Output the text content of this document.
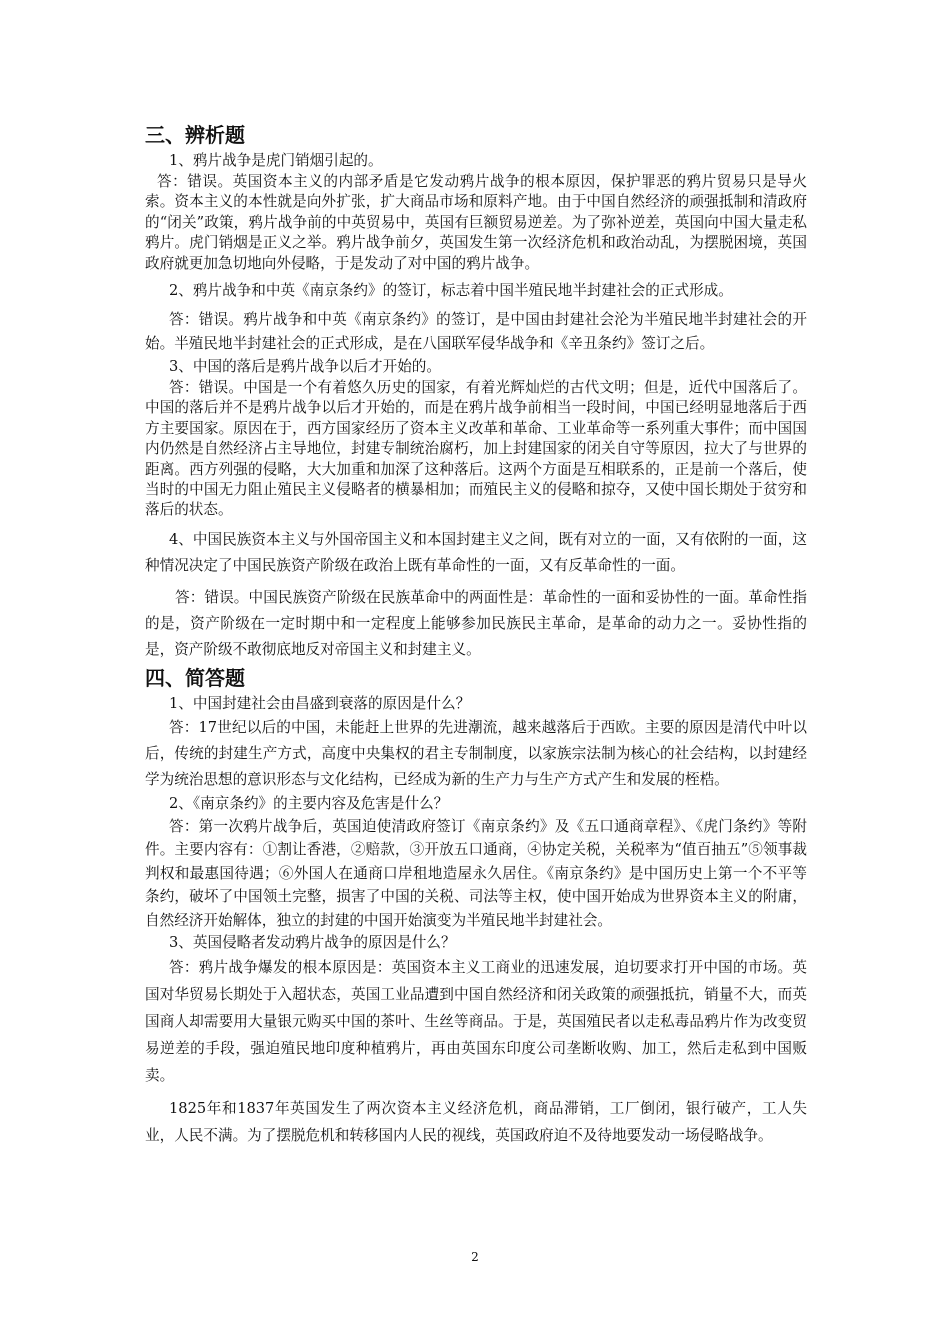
三、辨析题

1、鸦片战争是虎门销烟引起的。

答：错误。英国资本主义的内部矛盾是它发动鸦片战争的根本原因，保护罪恶的鸦片贸易只是导火索。资本主义的本性就是向外扩张，扩大商品市场和原料产地。由于中国自然经济的顽强抵制和清政府的“闭关”政策，鸦片战争前的中英贸易中，英国有巨额贸易逆差。为了弥补逆差，英国向中国大量走私鸦片。虎门销烟是正义之举。鸦片战争前夕，英国发生第一次经济危机和政治动乱，为摆脱困境，英国政府就更加急切地向外侵略，于是发动了对中国的鸦片战争。

2、鸦片战争和中英《南京条约》的签订，标志着中国半殖民地半封建社会的正式形成。

答：错误。鸦片战争和中英《南京条约》的签订，是中国由封建社会沦为半殖民地半封建社会的开始。半殖民地半封建社会的正式形成，是在八国联军侵华战争和《辛丑条约》签订之后。

3、中国的落后是鸦片战争以后才开始的。

答：错误。中国是一个有着悠久历史的国家，有着光辉灿烂的古代文明；但是，近代中国落后了。中国的落后并不是鸦片战争以后才开始的，而是在鸦片战争前相当一段时间，中国已经明显地落后于西方主要国家。原因在于，西方国家经历了资本主义改革和革命、工业革命等一系列重大事件；而中国国内仍然是自然经济占主导地位，封建专制统治腐朽，加上封建国家的闭关自守等原因，拉大了与世界的距离。西方列强的侵略，大大加重和加深了这种落后。这两个方面是互相联系的，正是前一个落后，使当时的中国无力阻止殖民主义侵略者的横暴相加；而殖民主义的侵略和掠夺，又使中国长期处于贫穷和落后的状态。

4、中国民族资本主义与外国帝国主义和本国封建主义之间，既有对立的一面，又有依附的一面，这种情况决定了中国民族资产阶级在政治上既有革命性的一面，又有反革命性的一面。

答：错误。中国民族资产阶级在民族革命中的两面性是：革命性的一面和妥协性的一面。革命性指的是，资产阶级在一定时期中和一定程度上能够参加民族民主革命，是革命的动力之一。妥协性指的是，资产阶级不敢彻底地反对帝国主义和封建主义。

四、简答题

1、中国封建社会由昌盛到衰落的原因是什么？

答：17世纪以后的中国，未能赶上世界的先进潮流，越来越落后于西欧。主要的原因是清代中叶以后，传统的封建生产方式，高度中央集权的君主专制制度，以家族宗法制为核心的社会结构，以封建经学为统治思想的意识形态与文化结构，已经成为新的生产力与生产方式产生和发展的桎梏。

2、《南京条约》的主要内容及危害是什么？

答：第一次鸦片战争后，英国迫使清政府签订《南京条约》及《五口通商章程》、《虎门条约》等附件。主要内容有：①割让香港，②赔款，③开放五口通商，④协定关税，关税率为“值百抽五”⑤领事裁判权和最惠国待遇；⑥外国人在通商口岸租地造屋永久居住。《南京条约》是中国历史上第一个不平等条约，破坏了中国领土完整，损害了中国的关税、司法等主权，使中国开始成为世界资本主义的附庸，自然经济开始解体，独立的封建的中国开始演变为半殖民地半封建社会。

3、英国侵略者发动鸦片战争的原因是什么？

答：鸦片战争爆发的根本原因是：英国资本主义工商业的迅速发展，迫切要求打开中国的市场。英国对华贸易长期处于入超状态，英国工业品遭到中国自然经济和闭关政策的顽强抵抗，销量不大，而英国商人却需要用大量银元购买中国的茶叶、生丝等商品。于是，英国殖民者以走私毒品鸦片作为改变贸易逆差的手段，强迫殖民地印度种植鸦片，再由英国东印度公司垄断收购、加工，然后走私到中国贩卖。

1825年和1837年英国发生了两次资本主义经济危机，商品滞销，工厂倒闭，银行破产，工人失业，人民不满。为了摆脱危机和转移国内人民的视线，英国政府迫不及待地要发动一场侵略战争。

2
